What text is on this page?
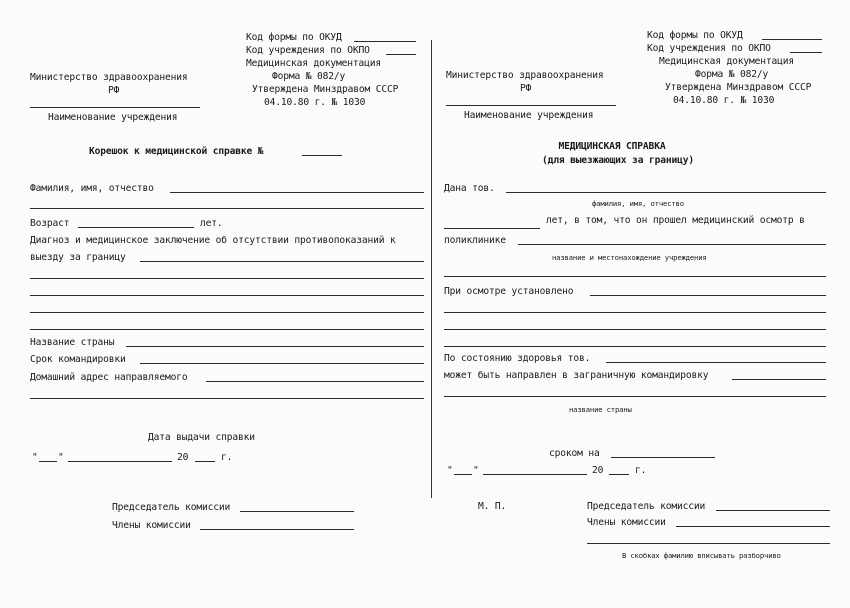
Код формы по ОКУД
Код учреждения по ОКПО
Медицинская документация
Форма № 082/у
Утверждена Минздравом СССР
04.10.80 г. № 1030
Министерство здравоохранения
РФ
Наименование учреждения
Корешок к медицинской справке №
Фамилия, имя, отчество
Возраст	лет.
Диагноз и медицинское заключение об отсутствии противопоказаний к
выезду за границу
Название страны
Срок командировки
Домашний адрес направляемого
Дата выдачи справки
" "	20	г.
Председатель комиссии
Члены комиссии
Код формы по ОКУД
Код учреждения по ОКПО
Медицинская документация
Форма № 082/у
Утверждена Минздравом СССР
04.10.80 г. № 1030
Министерство здравоохранения
РФ
Наименование учреждения
МЕДИЦИНСКАЯ СПРАВКА
(для выезжающих за границу)
Дана тов.
фамилия, имя, отчество
лет, в том, что он прошел медицинский осмотр в
поликлинике
название и местонахождение учреждения
При осмотре установлено
По состоянию здоровья тов.
может быть направлен в заграничную командировку
название страны
сроком на
" "	20	г.
М. П.	Председатель комиссии
Члены комиссии
В скобках фамилию вписывать разборчиво
